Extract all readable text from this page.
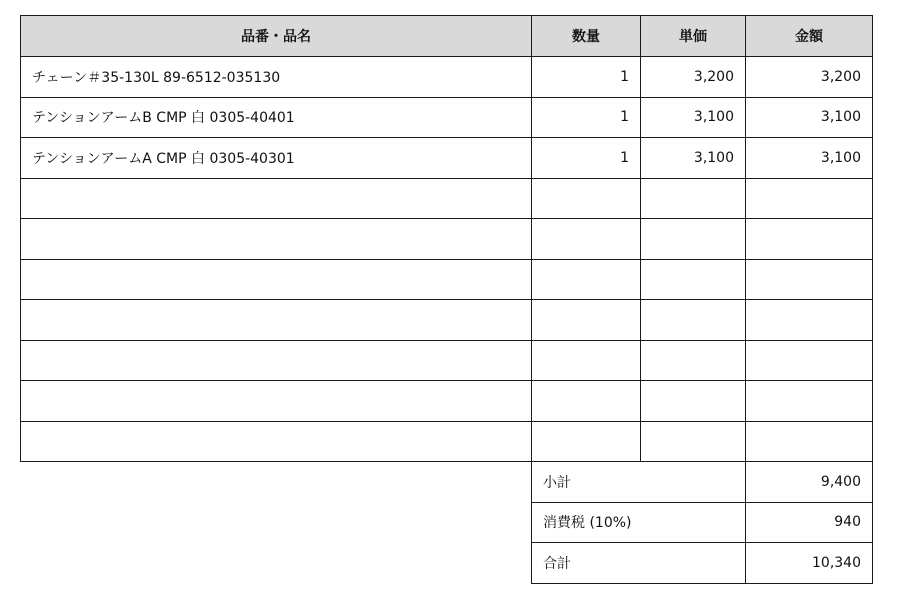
品番・品名	数量	単価	金額
チェーン＃35-130L 89-6512-035130	1	3,200	3,200
テンションアームB CMP 白 0305-40401	1	3,100	3,100
テンションアームA CMP 白 0305-40301	1	3,100	3,100

小計	9,400
消費税 (10%)	940
合計	10,340
